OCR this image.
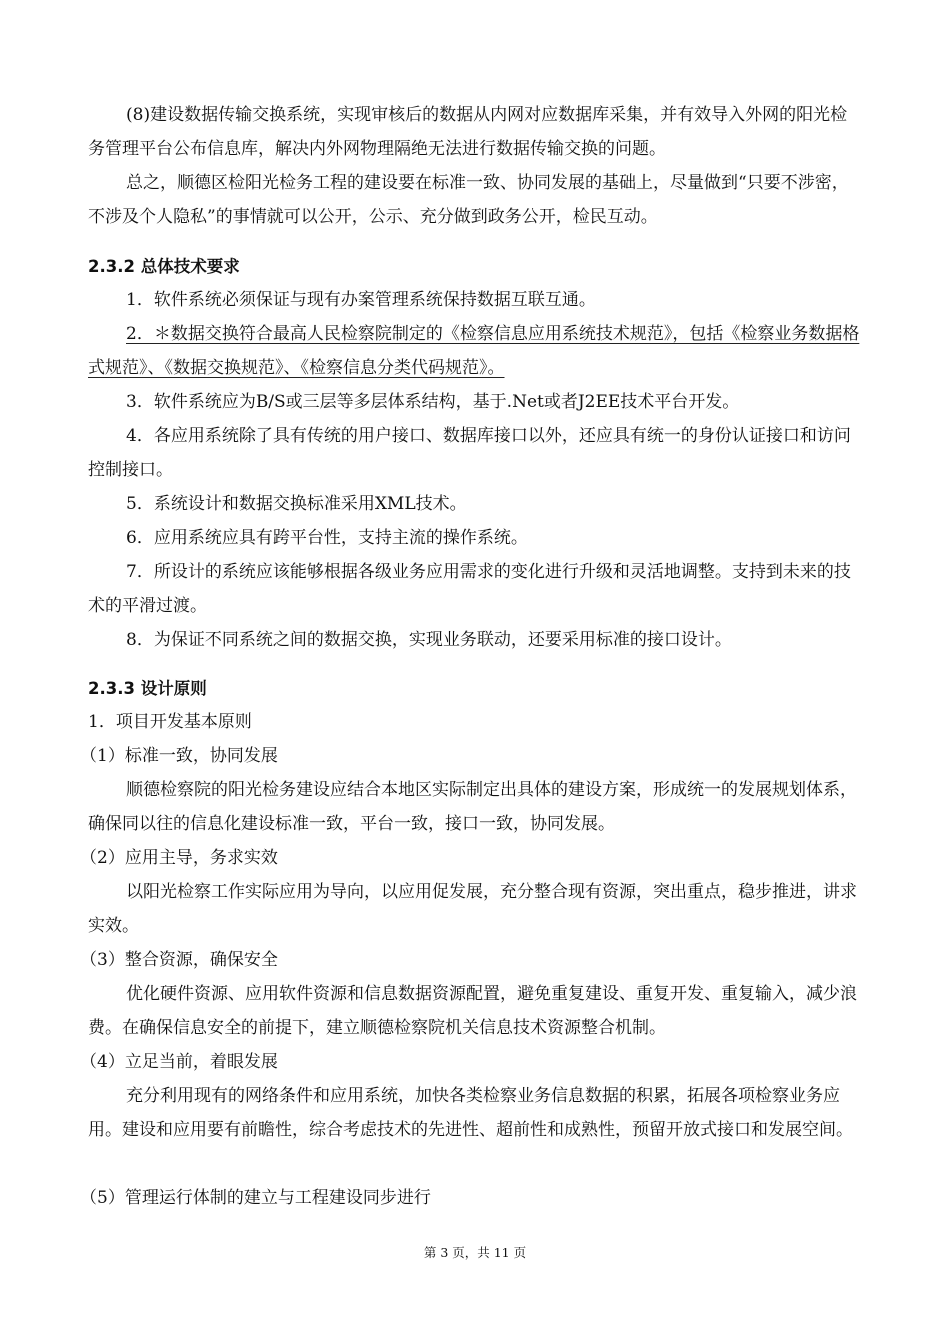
(8)建设数据传输交换系统，实现审核后的数据从内网对应数据库采集，并有效导入外网的阳光检务管理平台公布信息库，解决内外网物理隔绝无法进行数据传输交换的问题。

总之，顺德区检阳光检务工程的建设要在标准一致、协同发展的基础上，尽量做到“只要不涉密，不涉及个人隐私”的事情就可以公开，公示、充分做到政务公开，检民互动。

2.3.2 总体技术要求

1．软件系统必须保证与现有办案管理系统保持数据互联互通。

2．＊数据交换符合最高人民检察院制定的《检察信息应用系统技术规范》，包括《检察业务数据格式规范》、《数据交换规范》、《检察信息分类代码规范》。

3．软件系统应为B/S或三层等多层体系结构，基于.Net或者J2EE技术平台开发。

4．各应用系统除了具有传统的用户接口、数据库接口以外，还应具有统一的身份认证接口和访问控制接口。

5．系统设计和数据交换标准采用XML技术。

6．应用系统应具有跨平台性，支持主流的操作系统。

7．所设计的系统应该能够根据各级业务应用需求的变化进行升级和灵活地调整。支持到未来的技术的平滑过渡。

8．为保证不同系统之间的数据交换，实现业务联动，还要采用标准的接口设计。

2.3.3 设计原则

1．项目开发基本原则

（1）标准一致，协同发展

顺德检察院的阳光检务建设应结合本地区实际制定出具体的建设方案，形成统一的发展规划体系，确保同以往的信息化建设标准一致，平台一致，接口一致，协同发展。

（2）应用主导，务求实效

以阳光检察工作实际应用为导向，以应用促发展，充分整合现有资源，突出重点，稳步推进，讲求实效。

（3）整合资源，确保安全

优化硬件资源、应用软件资源和信息数据资源配置，避免重复建设、重复开发、重复输入，减少浪费。在确保信息安全的前提下，建立顺德检察院机关信息技术资源整合机制。

（4）立足当前，着眼发展

充分利用现有的网络条件和应用系统，加快各类检察业务信息数据的积累，拓展各项检察业务应用。建设和应用要有前瞻性，综合考虑技术的先进性、超前性和成熟性，预留开放式接口和发展空间。

（5）管理运行体制的建立与工程建设同步进行

第 3 页，共 11 页
